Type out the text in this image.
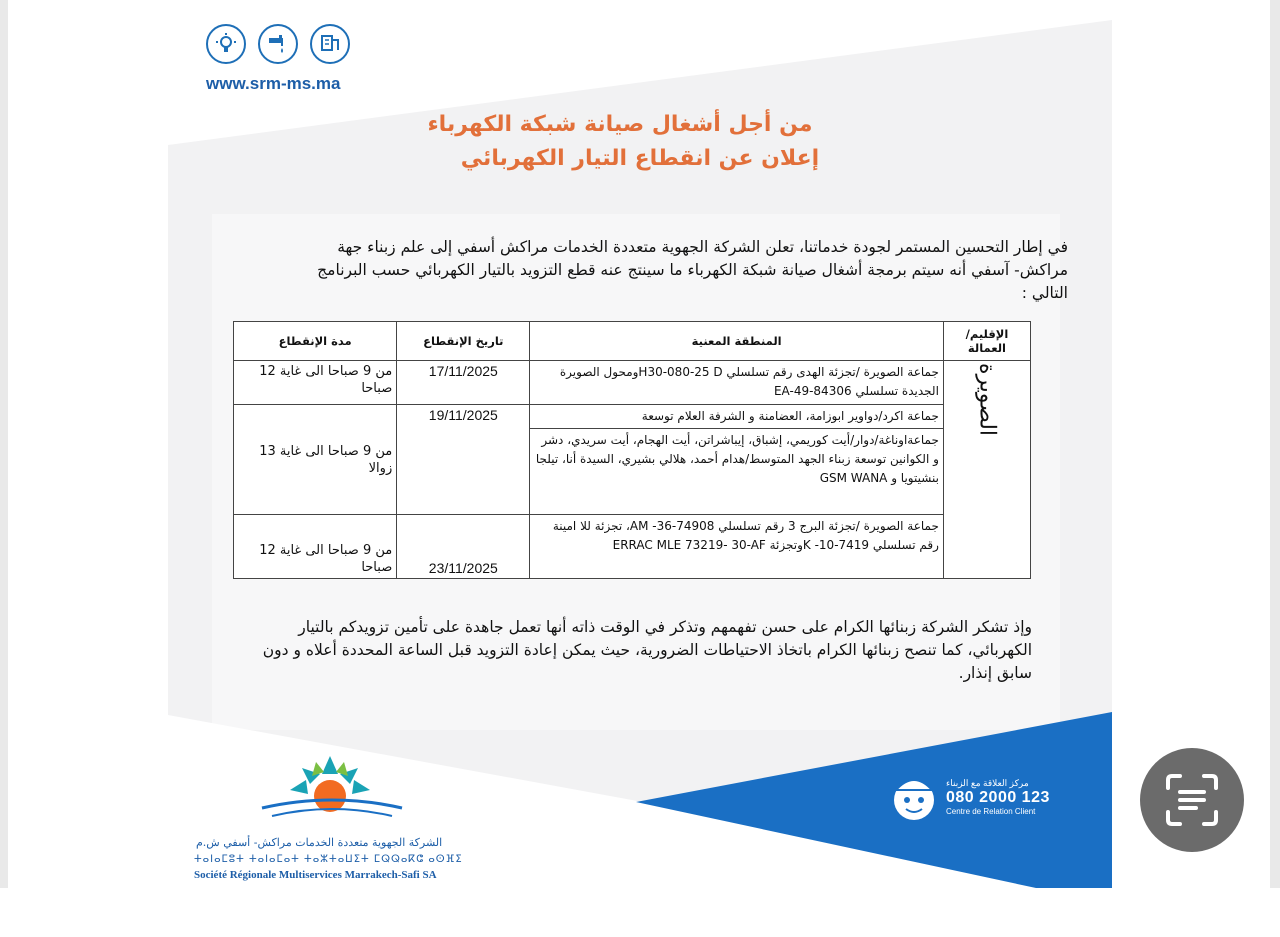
www.srm-ms.ma
من أجل أشغال صيانة شبكة الكهرباء
إعلان عن انقطاع التيار الكهربائي
في إطار التحسين المستمر لجودة خدماتنا، تعلن الشركة الجهوية متعددة الخدمات مراكش أسفي إلى علم زبناء جهة مراكش- آسفي أنه سيتم برمجة أشغال صيانة شبكة الكهرباء ما سينتج عنه قطع التزويد بالتيار الكهربائي حسب البرنامج التالي :
الإقليم/العمالة	المنطقة المعنية	تاريخ الإنقطاع	مدة الإنقطاع
الصويرة	جماعة الصويرة /تجزئة الهدى رقم تسلسلي H30-080-25 Dومحول الصويرة الجديدة تسلسلي EA-49-84306	17/11/2025	من 9 صباحا الى غاية 12 صباحا

	جماعة اكرد/دواوير ابوزامة، العضامنة و الشرفة العلام توسعة
جماعةاوناغة/دوار/أيت كوريمي، إشباق، إيباشراتن، أيت الهجام، أيت سريدي، دشر و الكوانين توسعة زبناء الجهد المتوسط/هدام أحمد، هلالي بشيري، السيدة أنا، تيلجا بنشيتويا و GSM WANA	19/11/2025	من 9 صباحا الى غاية 13 زوالا
	جماعة الصويرة /تجزئة البرج 3 رقم تسلسلي AM -36-74908، تجزئة للا امينة رقم تسلسلي K -10-7419وتجزئة ERRAC MLE 73219- 30-AF	23/11/2025	من 9 صباحا الى غاية 12 صباحا
وإذ تشكر الشركة زبنائها الكرام على حسن تفهمهم وتذكر في الوقت ذاته أنها تعمل جاهدة على تأمين تزويدكم بالتيار الكهربائي، كما تنصح زبنائها الكرام باتخاذ الاحتياطات الضرورية، حيث يمكن إعادة التزويد قبل الساعة المحددة أعلاه و دون سابق إنذار.
مركز العلاقة مع الزبناء
080 2000 123
Centre de Relation Client
الشركة الجهوية متعددة الخدمات مراكش- أسفي ش.م
ⵜⴰⵏⴰⵎⵓⵜ ⵜⴰⵏⴰⵎⴰⵜ ⵜⴰⵣⵜⴰⵡⵉⵜ ⵎⵕⵕⴰⴽⵛ ⴰⵙⴼⵉ
Société Régionale Multiservices Marrakech-Safi SA
